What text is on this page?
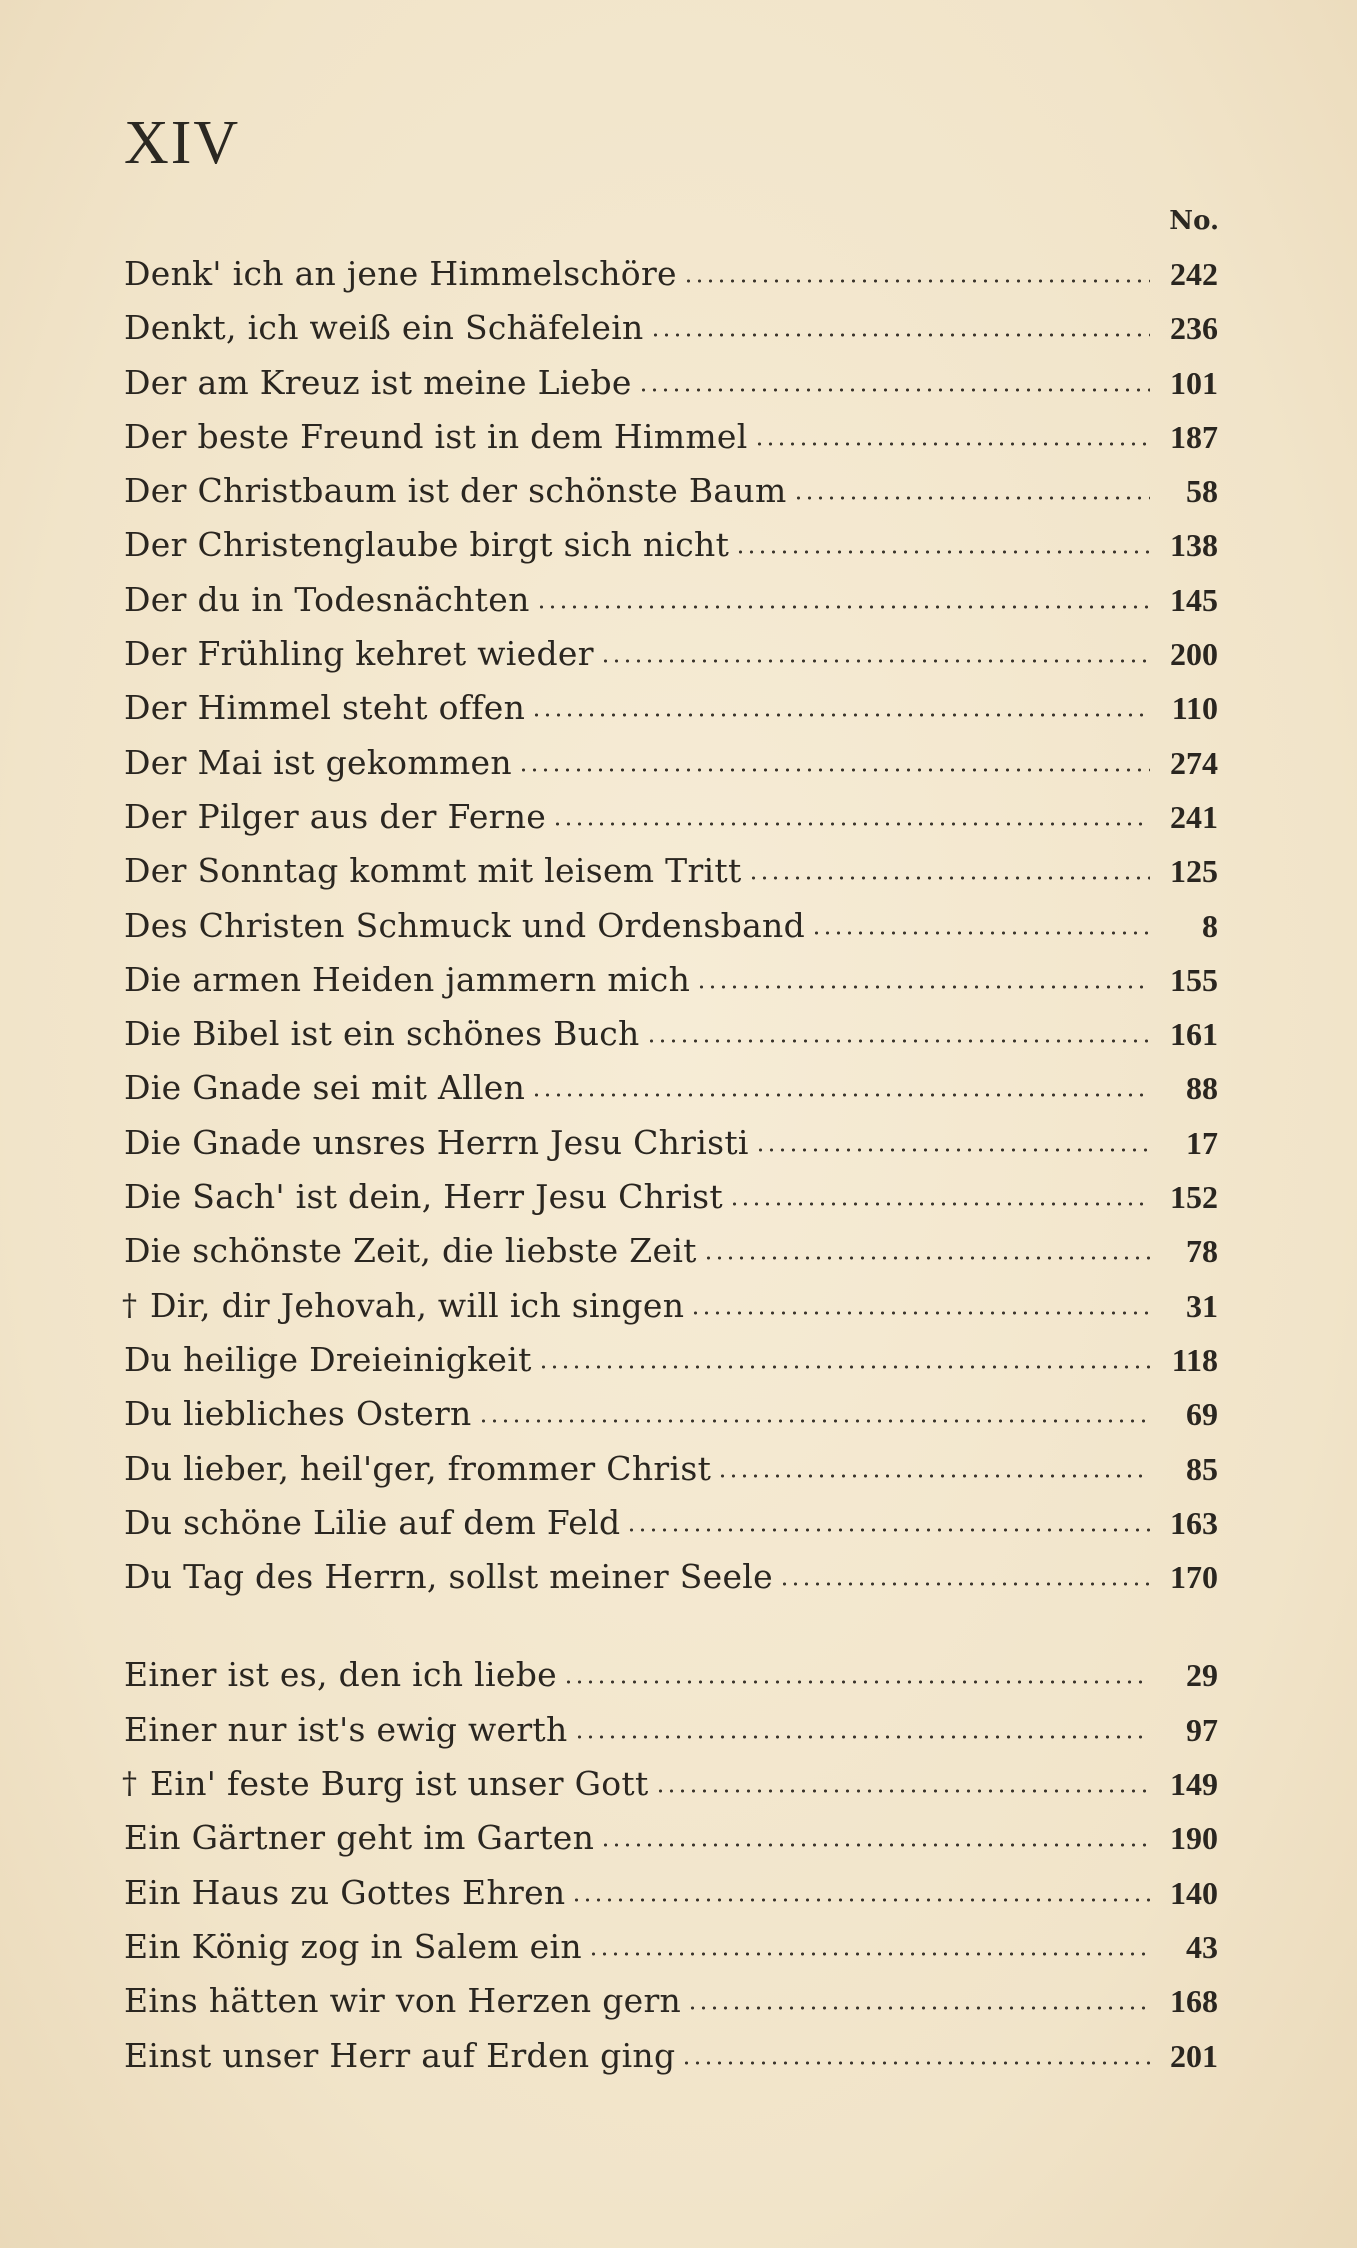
XIV
No.
Denk' ich an jene Himmelschöre	242
Denkt, ich weiß ein Schäfelein	236
Der am Kreuz ist meine Liebe	101
Der beste Freund ist in dem Himmel	187
Der Christbaum ist der schönste Baum	58
Der Christenglaube birgt sich nicht	138
Der du in Todesnächten	145
Der Frühling kehret wieder	200
Der Himmel steht offen	110
Der Mai ist gekommen	274
Der Pilger aus der Ferne	241
Der Sonntag kommt mit leisem Tritt	125
Des Christen Schmuck und Ordensband	8
Die armen Heiden jammern mich	155
Die Bibel ist ein schönes Buch	161
Die Gnade sei mit Allen	88
Die Gnade unsres Herrn Jesu Christi	17
Die Sach' ist dein, Herr Jesu Christ	152
Die schönste Zeit, die liebste Zeit	78
† Dir, dir Jehovah, will ich singen	31
Du heilige Dreieinigkeit	118
Du liebliches Ostern	69
Du lieber, heil'ger, frommer Christ	85
Du schöne Lilie auf dem Feld	163
Du Tag des Herrn, sollst meiner Seele	170
Einer ist es, den ich liebe	29
Einer nur ist's ewig werth	97
† Ein' feste Burg ist unser Gott	149
Ein Gärtner geht im Garten	190
Ein Haus zu Gottes Ehren	140
Ein König zog in Salem ein	43
Eins hätten wir von Herzen gern	168
Einst unser Herr auf Erden ging	201
